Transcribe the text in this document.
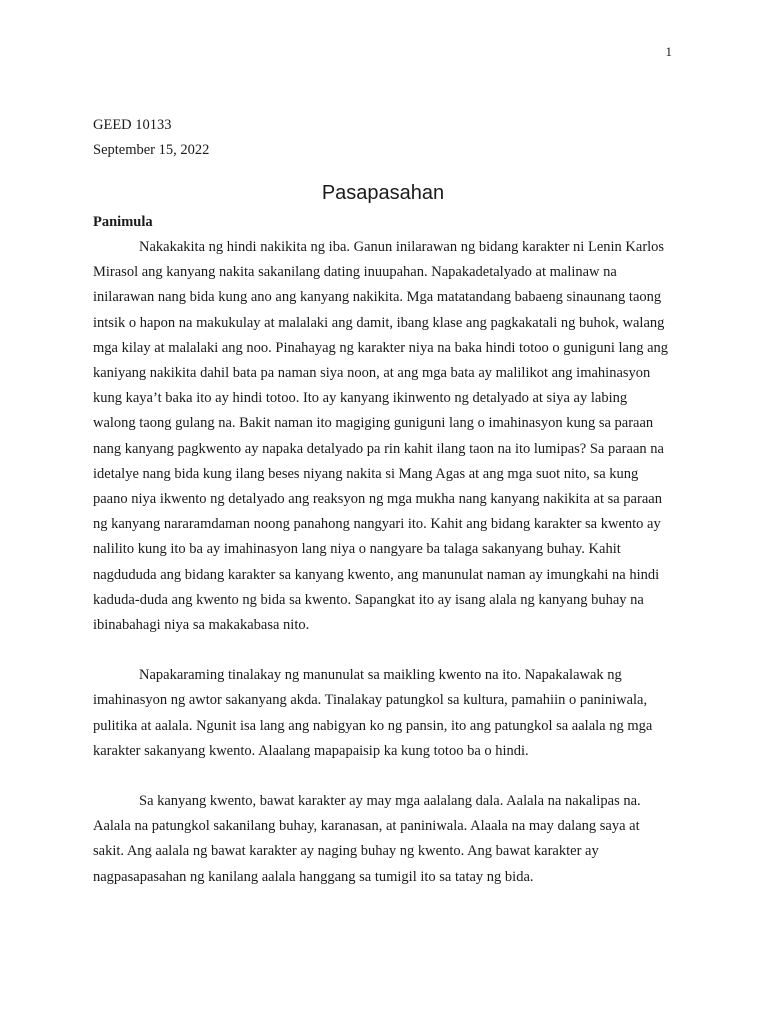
1

GEED 10133

September 15, 2022

Pasapasahan

Panimula

Nakakakita ng hindi nakikita ng iba. Ganun inilarawan ng bidang karakter ni Lenin Karlos Mirasol ang kanyang nakita sakanilang dating inuupahan. Napakadetalyado at malinaw na inilarawan nang bida kung ano ang kanyang nakikita. Mga matatandang babaeng sinaunang taong intsik o hapon na makukulay at malalaki ang damit, ibang klase ang pagkakatali ng buhok, walang mga kilay at malalaki ang noo. Pinahayag ng karakter niya na baka hindi totoo o guniguni lang ang kaniyang nakikita dahil bata pa naman siya noon, at ang mga bata ay malilikot ang imahinasyon kung kaya’t baka ito ay hindi totoo. Ito ay kanyang ikinwento ng detalyado at siya ay labing walong taong gulang na. Bakit naman ito magiging guniguni lang o imahinasyon kung sa paraan nang kanyang pagkwento ay napaka detalyado pa rin kahit ilang taon na ito lumipas? Sa paraan na idetalye nang bida kung ilang beses niyang nakita si Mang Agas at ang mga suot nito, sa kung paano niya ikwento ng detalyado ang reaksyon ng mga mukha nang kanyang nakikita at sa paraan ng kanyang nararamdaman noong panahong nangyari ito. Kahit ang bidang karakter sa kwento ay nalilito kung ito ba ay imahinasyon lang niya o nangyare ba talaga sakanyang buhay. Kahit nagdududa ang bidang karakter sa kanyang kwento, ang manunulat naman ay imungkahi na hindi kaduda-duda ang kwento ng bida sa kwento. Sapangkat ito ay isang alala ng kanyang buhay na ibinabahagi niya sa makakabasa nito.

Napakaraming tinalakay ng manunulat sa maikling kwento na ito. Napakalawak ng imahinasyon ng awtor sakanyang akda. Tinalakay patungkol sa kultura, pamahiin o paniniwala, pulitika at aalala. Ngunit isa lang ang nabigyan ko ng pansin, ito ang patungkol sa aalala ng mga karakter sakanyang kwento. Alaalang mapapaisip ka kung totoo ba o hindi.

Sa kanyang kwento, bawat karakter ay may mga aalalang dala. Aalala na nakalipas na. Aalala na patungkol sakanilang buhay, karanasan, at paniniwala. Alaala na may dalang saya at sakit. Ang aalala ng bawat karakter ay naging buhay ng kwento. Ang bawat karakter ay nagpasapasahan ng kanilang aalala hanggang sa tumigil ito sa tatay ng bida.
